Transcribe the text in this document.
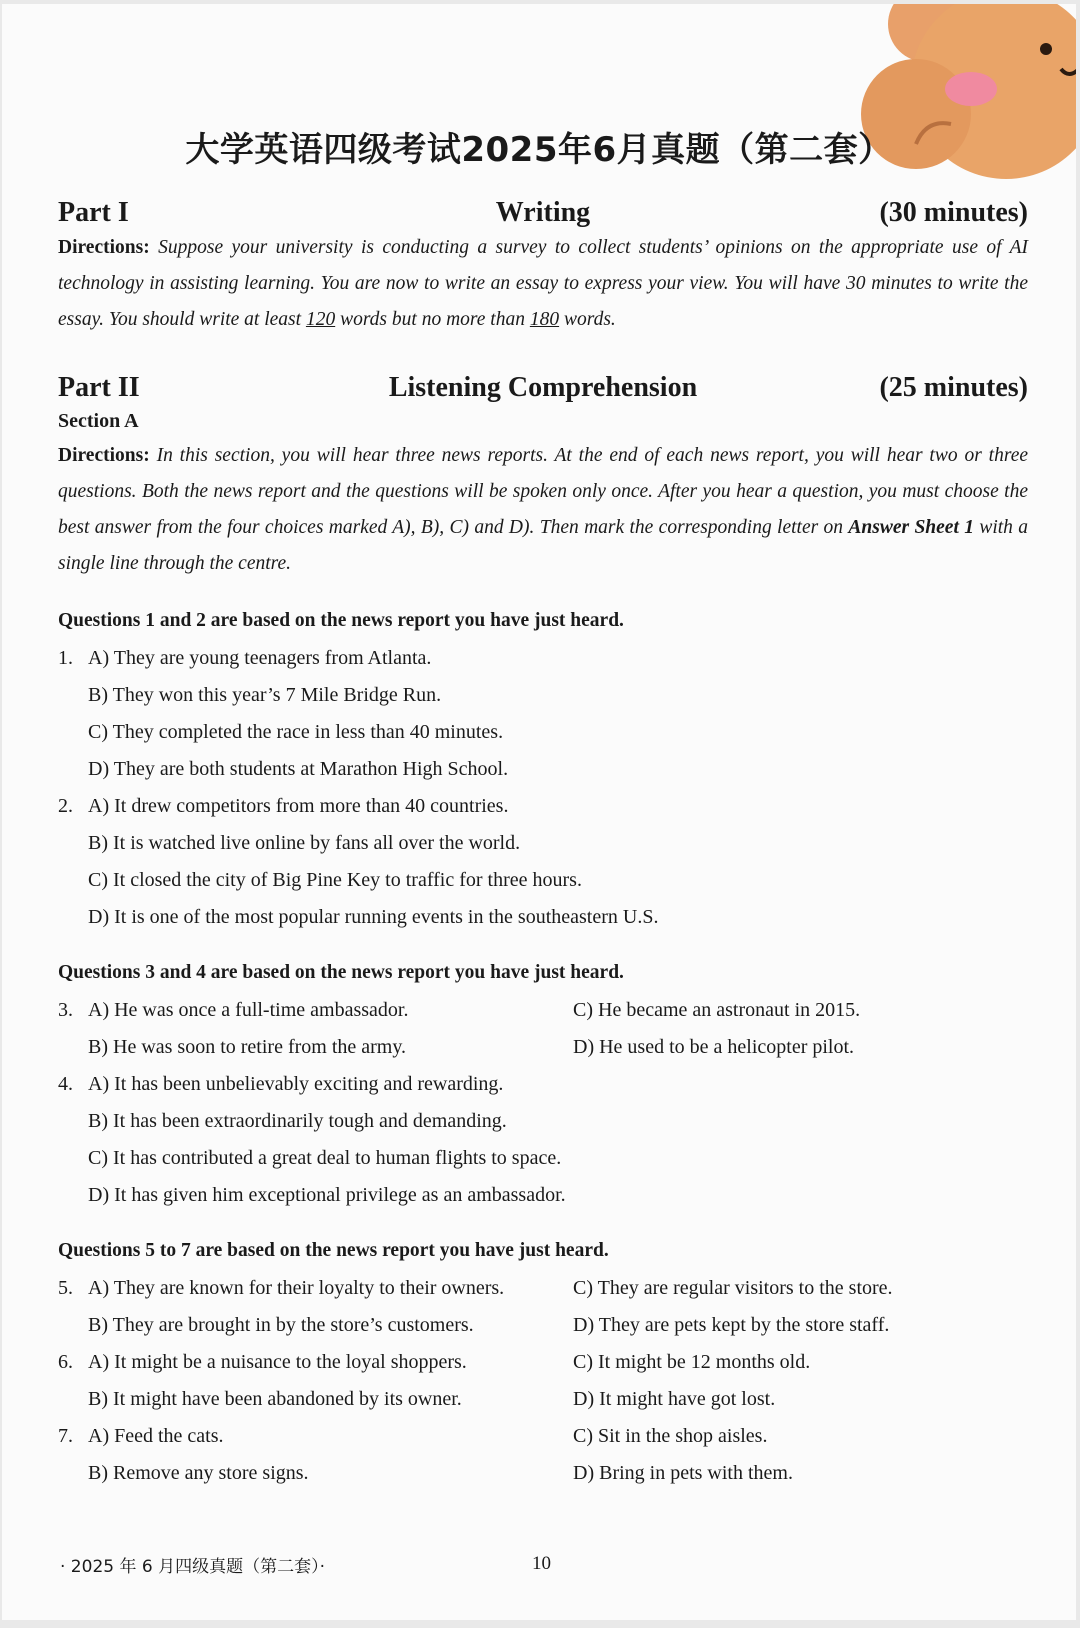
大学英语四级考试2025年6月真题（第二套）
Part I	Writing	(30 minutes)
Directions: Suppose your university is conducting a survey to collect students’ opinions on the appropriate use of AI technology in assisting learning. You are now to write an essay to express your view. You will have 30 minutes to write the essay. You should write at least 120 words but no more than 180 words.
Part II	Listening Comprehension	(25 minutes)
Section A
Directions: In this section, you will hear three news reports. At the end of each news report, you will hear two or three questions. Both the news report and the questions will be spoken only once. After you hear a question, you must choose the best answer from the four choices marked A), B), C) and D). Then mark the corresponding letter on Answer Sheet 1 with a single line through the centre.
Questions 1 and 2 are based on the news report you have just heard.
1. A) They are young teenagers from Atlanta.
B) They won this year’s 7 Mile Bridge Run.
C) They completed the race in less than 40 minutes.
D) They are both students at Marathon High School.
2. A) It drew competitors from more than 40 countries.
B) It is watched live online by fans all over the world.
C) It closed the city of Big Pine Key to traffic for three hours.
D) It is one of the most popular running events in the southeastern U.S.
Questions 3 and 4 are based on the news report you have just heard.
3. A) He was once a full-time ambassador.	C) He became an astronaut in 2015.
B) He was soon to retire from the army.	D) He used to be a helicopter pilot.
4. A) It has been unbelievably exciting and rewarding.
B) It has been extraordinarily tough and demanding.
C) It has contributed a great deal to human flights to space.
D) It has given him exceptional privilege as an ambassador.
Questions 5 to 7 are based on the news report you have just heard.
5. A) They are known for their loyalty to their owners.	C) They are regular visitors to the store.
B) They are brought in by the store’s customers.	D) They are pets kept by the store staff.
6. A) It might be a nuisance to the loyal shoppers.	C) It might be 12 months old.
B) It might have been abandoned by its owner.	D) It might have got lost.
7. A) Feed the cats.	C) Sit in the shop aisles.
B) Remove any store signs.	D) Bring in pets with them.
· 2025 年 6 月四级真题（第二套）·	10
